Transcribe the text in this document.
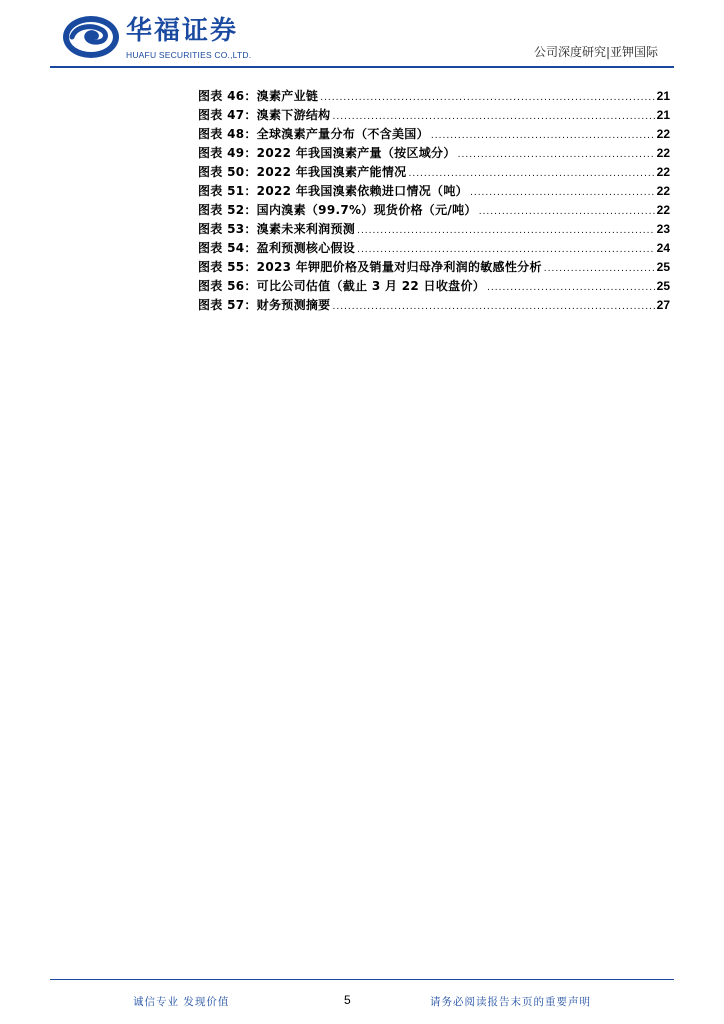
华福证券
HUAFU SECURITIES CO.,LTD.	公司深度研究|亚钾国际
图表 46：溴素产业链 .....	21
图表 47：溴素下游结构 .....	21
图表 48：全球溴素产量分布（不含美国） .....	22
图表 49：2022 年我国溴素产量（按区域分） .....	22
图表 50：2022 年我国溴素产能情况 .....	22
图表 51：2022 年我国溴素依赖进口情况（吨） .....	22
图表 52：国内溴素（99.7%）现货价格（元/吨） .....	22
图表 53：溴素未来利润预测 .....	23
图表 54：盈利预测核心假设 .....	24
图表 55：2023 年钾肥价格及销量对归母净利润的敏感性分析 .....	25
图表 56：可比公司估值（截止 3 月 22 日收盘价） .....	25
图表 57：财务预测摘要 .....	27
诚信专业 发现价值	5	请务必阅读报告末页的重要声明
